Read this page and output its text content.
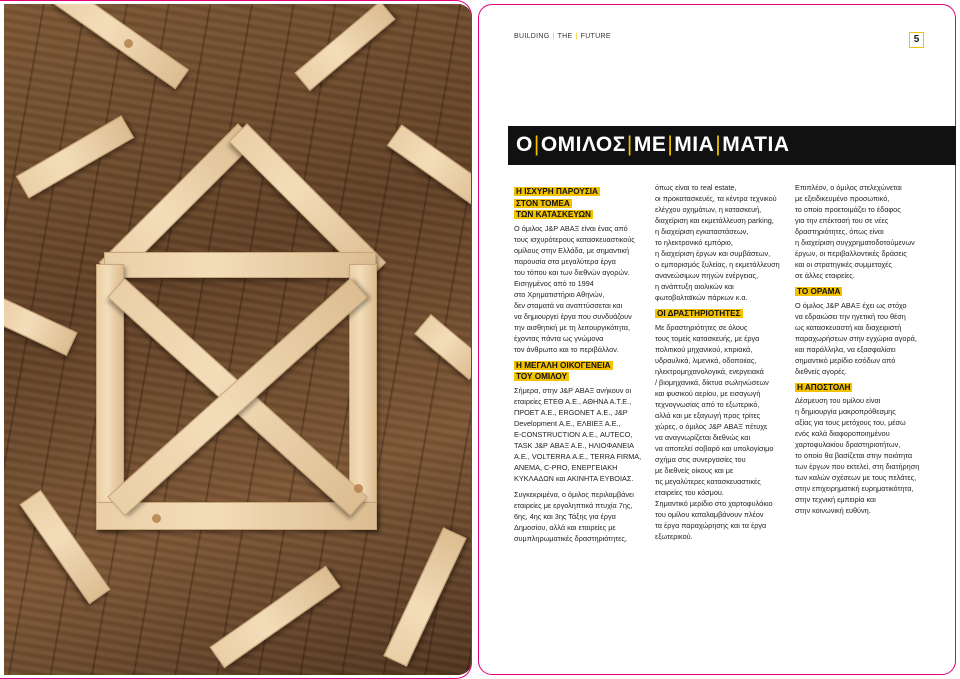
BUILDING | THE | FUTURE	5
Ο|ΟΜΙΛΟΣ|ΜΕ|ΜΙΑ|ΜΑΤΙΑ
Η ΙΣΧΥΡΗ ΠΑΡΟΥΣΙΑ
ΣΤΟΝ ΤΟΜΕΑ
ΤΩΝ ΚΑΤΑΣΚΕΥΩΝ

Ο όμιλος J&P ΑΒΑΞ είναι ένας από
τους ισχυρότερους κατασκευαστικούς
ομίλους στην Ελλάδα, με σημαντική
παρουσία στα μεγαλύτερα έργα
του τόπου και των διεθνών αγορών.
Εισηγμένος από το 1994
στο Χρηματιστήριο Αθηνών,
δεν σταματά να αναπτύσσεται και
να δημιουργεί έργα που συνδυάζουν
την αισθητική με τη λειτουργικότητα,
έχοντας πάντα ως γνώμονα
τον άνθρωπο και το περιβάλλον.

Η ΜΕΓΑΛΗ ΟΙΚΟΓΕΝΕΙΑ
ΤΟΥ ΟΜΙΛΟΥ

Σήμερα, στην J&P ΑΒΑΞ ανήκουν οι
εταιρείες ΕΤΕΘ Α.Ε., ΑΘΗΝΑ Α.Τ.Ε.,
ΠΡΟΕΤ Α.Ε., ERGONET Α.Ε., J&P
Development Α.Ε., ΕΛΒΙΕΞ Α.Ε.,
E-CONSTRUCTION Α.Ε., AUTECO,
TASK J&P ΑΒΑΞ Α.Ε., ΗΛΙΟΦΑΝΕΙΑ
Α.Ε., VOLTERRA Α.Ε., TERRA FIRMA,
ΑΝΕΜΑ, C-PRO, ΕΝΕΡΓΕΙΑΚΗ
ΚΥΚΛΑΔΩΝ και ΑΚΙΝΗΤΑ ΕΥΒΟΙΑΣ.

Συγκεκριμένα, ο όμιλος περιλαμβάνει
εταιρείες με εργοληπτικά πτυχία 7ης,
6ης, 4ης και 3ης Τάξης για έργα
Δημοσίου, αλλά και εταιρείες με
συμπληρωματικές δραστηριότητες,

όπως είναι το real estate,
οι προκατασκευές, τα κέντρα τεχνικού
ελέγχου οχημάτων, η κατασκευή,
διαχείριση και εκμετάλλευση parking,
η διαχείριση εγκαταστάσεων,
το ηλεκτρονικό εμπόριο,
η διαχείριση έργων και συμβάσεων,
ο εμπορισμός ξυλείας, η εκμετάλλευση
ανανεώσιμων πηγών ενέργειας,
η ανάπτυξη αιολικών και
φωτοβολταϊκών πάρκων κ.α.

ΟΙ ΔΡΑΣΤΗΡΙΟΤΗΤΕΣ

Με δραστηριότητες σε όλους
τους τομείς κατασκευής, με έργα
πολιτικού μηχανικού, κτιριακά,
υδραυλικά, λιμενικά, οδοποιίας,
ηλεκτρομηχανολογικά, ενεργειακά
/ βιομηχανικά, δίκτυα σωληνώσεων
και φυσικού αερίου, με εισαγωγή
τεχνογνωσίας από το εξωτερικό,
αλλά και με εξαγωγή προς τρίτες
χώρες, ο όμιλος J&P ΑΒΑΞ πέτυχε
να αναγνωρίζεται διεθνώς και
να αποτελεί σοβαρό και υπολογίσιμο
σχήμα στις συνεργασίες του
με διεθνείς οίκους και με
τις μεγαλύτερες κατασκευαστικές
εταιρείες του κόσμου.
Σημαντικό μερίδιο στο χαρτοφυλάκιο
του ομίλου καταλαμβάνουν πλέον
τα έργα παραχώρησης και τα έργα
εξωτερικού.

Επιπλέον, ο όμιλος στελεχώνεται
με εξειδικευμένο προσωπικό,
το οποίο προετοιμάζει το έδαφος
για την επέκτασή του σε νέες
δραστηριότητες, όπως είναι
η διαχείριση συγχρηματοδοτούμενων
έργων, οι περιβαλλοντικές δράσεις
και οι στρατηγικές συμμετοχές
σε άλλες εταιρείες.

ΤΟ ΟΡΑΜΑ

Ο όμιλος J&P ΑΒΑΞ έχει ως στόχο
να εδραιώσει την ηγετική του θέση
ως κατασκευαστή και διαχειριστή
παραχωρήσεων στην εγχώρια αγορά,
και παράλληλα, να εξασφαλίσει
σημαντικό μερίδιο εσόδων από
διεθνείς αγορές.

Η ΑΠΟΣΤΟΛΗ

Δέσμευση του ομίλου είναι
η δημιουργία μακροπρόθεσμης
αξίας για τους μετόχους του, μέσω
ενός καλά διαφοροποιημένου
χαρτοφυλακίου δραστηριοτήτων,
το οποίο θα βασίζεται στην ποιότητα
των έργων που εκτελεί, στη διατήρηση
των καλών σχέσεων με τους πελάτες,
στην επιχειρηματική ευρηματικότητα,
στην τεχνική εμπειρία και
στην κοινωνική ευθύνη.
